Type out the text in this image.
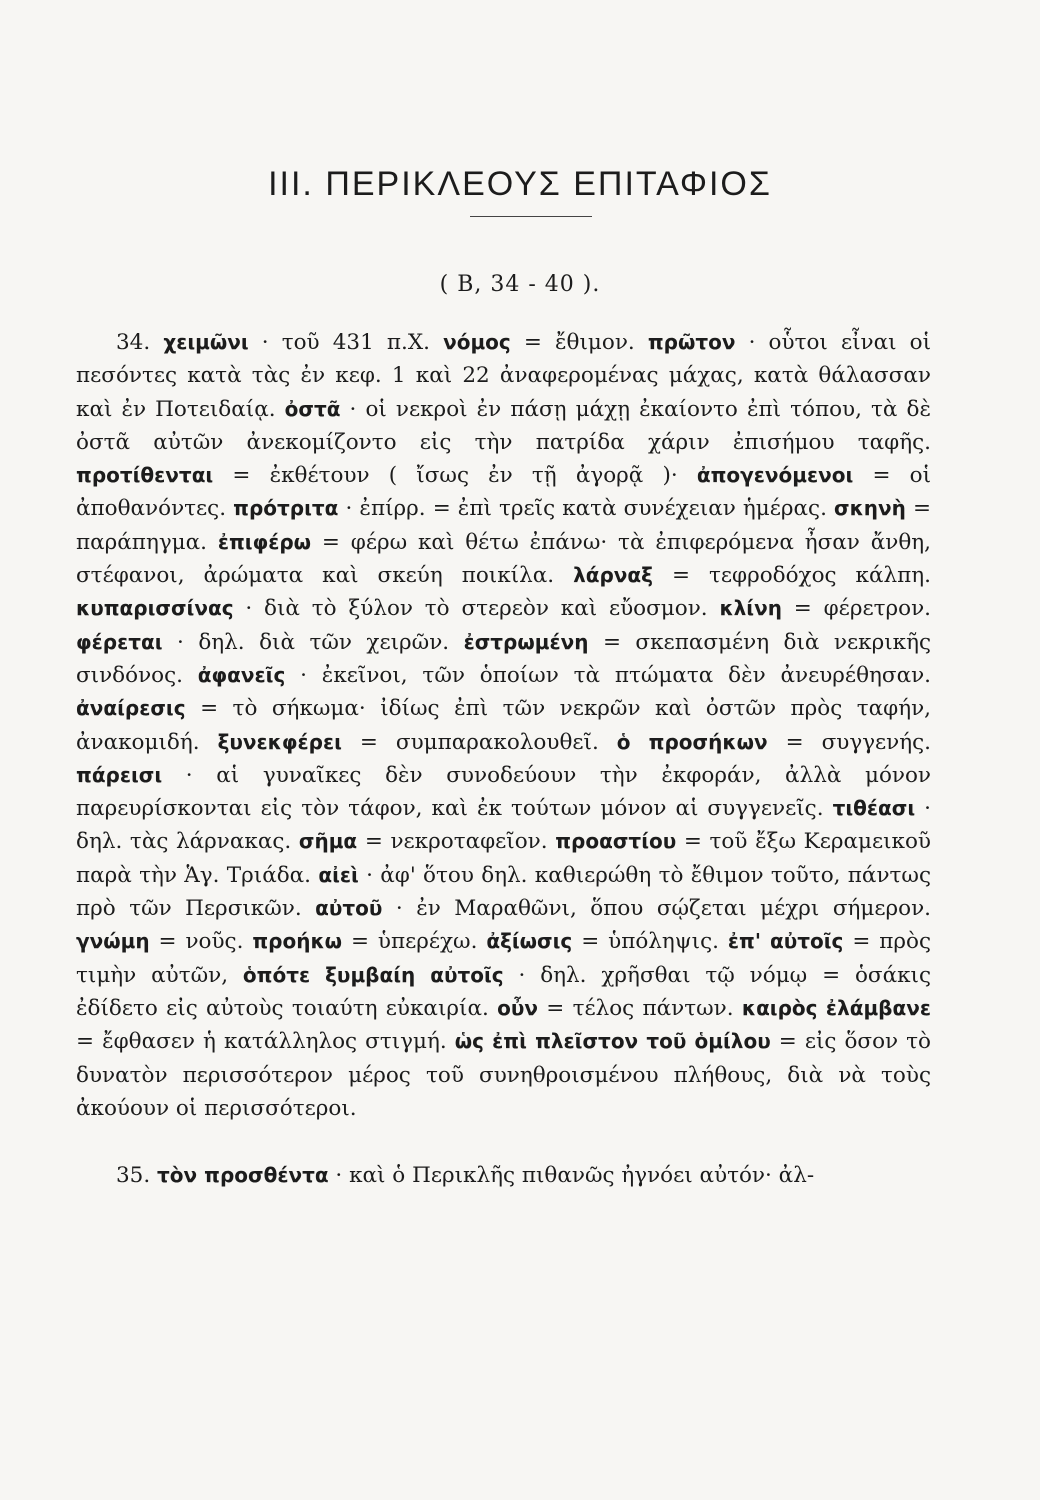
III. ΠΕΡΙΚΛΕΟΥΣ ΕΠΙΤΑΦΙΟΣ
( Β, 34 - 40 ).

34. χειμῶνι · τοῦ 431 π.Χ. νόμος = ἔθιμον. πρῶτον · οὗτοι εἶναι οἱ πεσόντες κατὰ τὰς ἐν κεφ. 1 καὶ 22 ἀναφερομένας μάχας, κατὰ θάλασσαν καὶ ἐν Ποτειδαίᾳ. ὀστᾶ · οἱ νεκροὶ ἐν πάσῃ μάχῃ ἐκαίοντο ἐπὶ τόπου, τὰ δὲ ὀστᾶ αὐτῶν ἀνεκομίζοντο εἰς τὴν πατρίδα χάριν ἐπισήμου ταφῆς. προτίθενται = ἐκθέτουν ( ἴσως ἐν τῇ ἀγορᾷ )· ἀπογενόμενοι = οἱ ἀποθανόντες. πρότριτα · ἐπίρρ. = ἐπὶ τρεῖς κατὰ συνέχειαν ἡμέρας. σκηνὴ = παράπηγμα. ἐπιφέρω = φέρω καὶ θέτω ἐπάνω· τὰ ἐπιφερόμενα ἦσαν ἄνθη, στέφανοι, ἀρώματα καὶ σκεύη ποικίλα. λάρναξ = τεφροδόχος κάλπη. κυπαρισσίνας · διὰ τὸ ξύλον τὸ στερεὸν καὶ εὔοσμον. κλίνη = φέρετρον. φέρεται · δηλ. διὰ τῶν χειρῶν. ἐστρωμένη = σκεπασμένη διὰ νεκρικῆς σινδόνος. ἀφανεῖς · ἐκεῖνοι, τῶν ὁποίων τὰ πτώματα δὲν ἀνευρέθησαν. ἀναίρεσις = τὸ σήκωμα· ἰδίως ἐπὶ τῶν νεκρῶν καὶ ὀστῶν πρὸς ταφήν, ἀνακομιδή. ξυνεκφέρει = συμπαρακολουθεῖ. ὁ προσήκων = συγγενής. πάρεισι · αἱ γυναῖκες δὲν συνοδεύουν τὴν ἐκφοράν, ἀλλὰ μόνον παρευρίσκονται εἰς τὸν τάφον, καὶ ἐκ τούτων μόνον αἱ συγγενεῖς. τιθέασι · δηλ. τὰς λάρνακας. σῆμα = νεκροταφεῖον. προαστίου = τοῦ ἔξω Κεραμεικοῦ παρὰ τὴν Ἁγ. Τριάδα. αἰεὶ · ἀφ' ὅτου δηλ. καθιερώθη τὸ ἔθιμον τοῦτο, πάντως πρὸ τῶν Περσικῶν. αὐτοῦ · ἐν Μαραθῶνι, ὅπου σῴζεται μέχρι σήμερον. γνώμη = νοῦς. προήκω = ὑπερέχω. ἀξίωσις = ὑπόληψις. ἐπ' αὐτοῖς = πρὸς τιμὴν αὐτῶν, ὁπότε ξυμβαίη αὐτοῖς · δηλ. χρῆσθαι τῷ νόμῳ = ὁσάκις ἐδίδετο εἰς αὐτοὺς τοιαύτη εὐκαιρία. οὖν = τέλος πάντων. καιρὸς ἐλάμβανε = ἔφθασεν ἡ κατάλληλος στιγμή. ὡς ἐπὶ πλεῖστον τοῦ ὁμίλου = εἰς ὅσον τὸ δυνατὸν περισσότερον μέρος τοῦ συνηθροισμένου πλήθους, διὰ νὰ τοὺς ἀκούουν οἱ περισσότεροι.

35. τὸν προσθέντα · καὶ ὁ Περικλῆς πιθανῶς ἠγνόει αὐτόν· ἀλ-
